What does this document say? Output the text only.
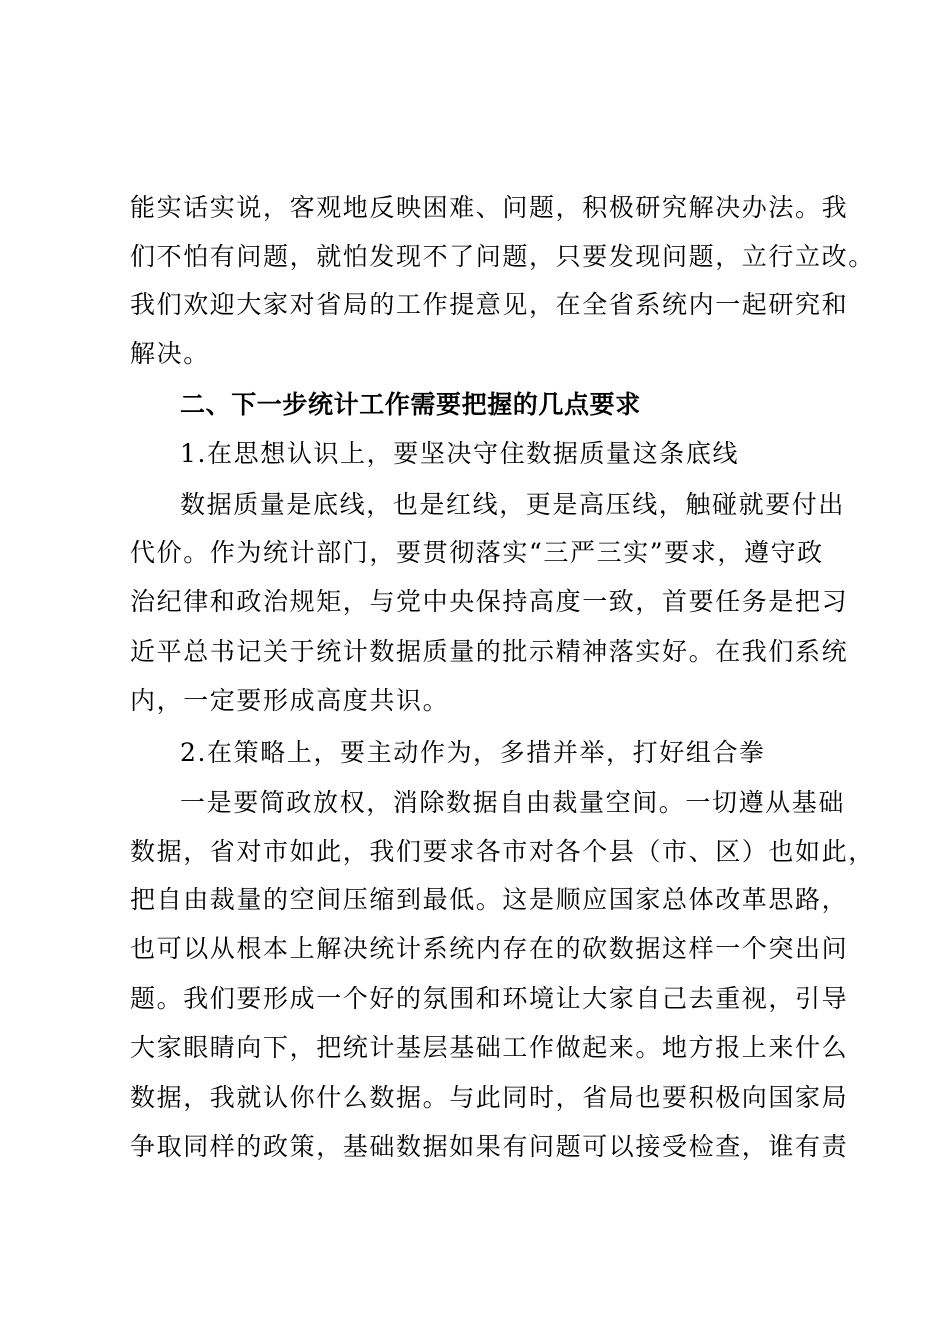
能实话实说，客观地反映困难、问题，积极研究解决办法。我
们不怕有问题，就怕发现不了问题，只要发现问题，立行立改。
我们欢迎大家对省局的工作提意见，在全省系统内一起研究和
解决。
二、下一步统计工作需要把握的几点要求
1.在思想认识上，要坚决守住数据质量这条底线
数据质量是底线，也是红线，更是高压线，触碰就要付出
代价。作为统计部门，要贯彻落实“三严三实”要求，遵守政
治纪律和政治规矩，与党中央保持高度一致，首要任务是把习
近平总书记关于统计数据质量的批示精神落实好。在我们系统
内，一定要形成高度共识。
2.在策略上，要主动作为，多措并举，打好组合拳
一是要简政放权，消除数据自由裁量空间。一切遵从基础
数据，省对市如此，我们要求各市对各个县（市、区）也如此，
把自由裁量的空间压缩到最低。这是顺应国家总体改革思路，
也可以从根本上解决统计系统内存在的砍数据这样一个突出问
题。我们要形成一个好的氛围和环境让大家自己去重视，引导
大家眼睛向下，把统计基层基础工作做起来。地方报上来什么
数据，我就认你什么数据。与此同时，省局也要积极向国家局
争取同样的政策，基础数据如果有问题可以接受检查，谁有责
